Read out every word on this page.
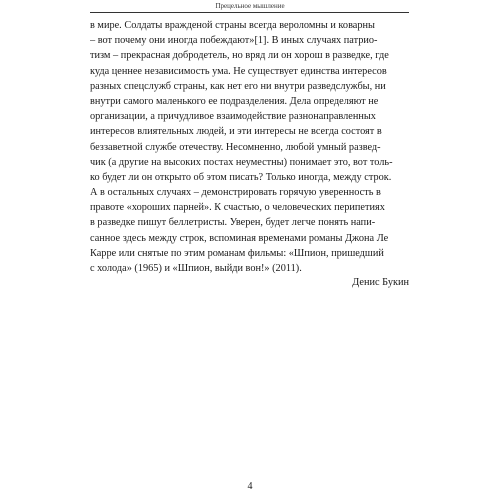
Прецельное мышление
в мире. Солдаты вражденой страны всегда вероломны и коварны
– вот почему они иногда побеждают»[1]. В иных случаях патрио-
тизм – прекрасная добродетель, но вряд ли он хорош в разведке, где
куда ценнее независимость ума. Не существует единства интересов
разных спецслужб страны, как нет его ни внутри разведслужбы, ни
внутри самого маленького ее подразделения. Дела определяют не
организации, а причудливое взаимодействие разнонаправленных
интересов влиятельных людей, и эти интересы не всегда состоят в
беззаветной службе отечеству. Несомненно, любой умный развед-
чик (а другие на высоких постах неуместны) понимает это, вот толь-
ко будет ли он открыто об этом писать? Только иногда, между строк.
А в остальных случаях – демонстрировать горячую уверенность в
правоте «хороших парней». К счастью, о человеческих перипетиях
в разведке пишут беллетристы. Уверен, будет легче понять напи-
санное здесь между строк, вспоминая временами романы Джона Ле
Карре или снятые по этим романам фильмы: «Шпион, пришедший
с холода» (1965) и «Шпион, выйди вон!» (2011).
Денис Букин
4
